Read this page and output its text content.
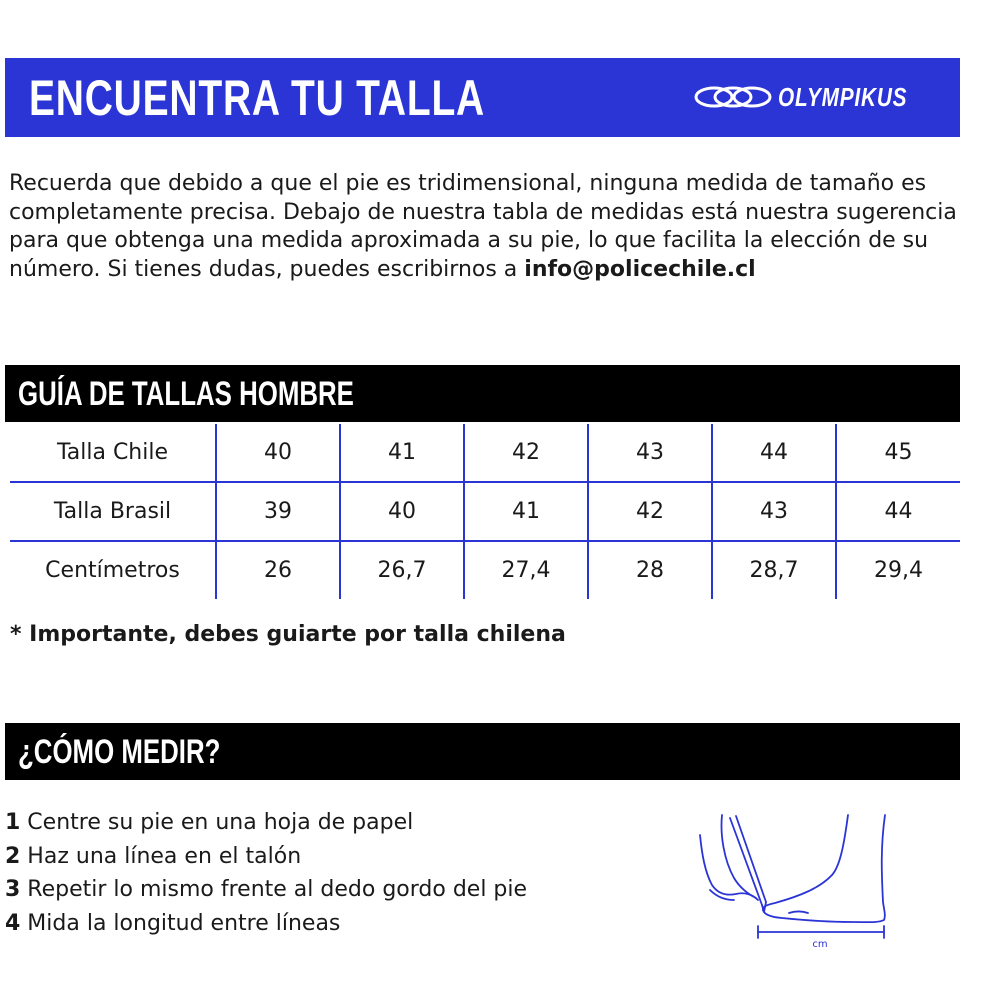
ENCUENTRA TU TALLA	OLYMPIKUS
Recuerda que debido a que el pie es tridimensional, ninguna medida de tamaño es completamente precisa. Debajo de nuestra tabla de medidas está nuestra sugerencia para que obtenga una medida aproximada a su pie, lo que facilita la elección de su número. Si tienes dudas, puedes escribirnos a info@policechile.cl
GUÍA DE TALLAS HOMBRE
Talla Chile	40	41	42	43	44	45
Talla Brasil	39	40	41	42	43	44
Centímetros	26	26,7	27,4	28	28,7	29,4
* Importante, debes guiarte por talla chilena
¿CÓMO MEDIR?
1 Centre su pie en una hoja de papel
2 Haz una línea en el talón
3 Repetir lo mismo frente al dedo gordo del pie
4 Mida la longitud entre líneas
cm
